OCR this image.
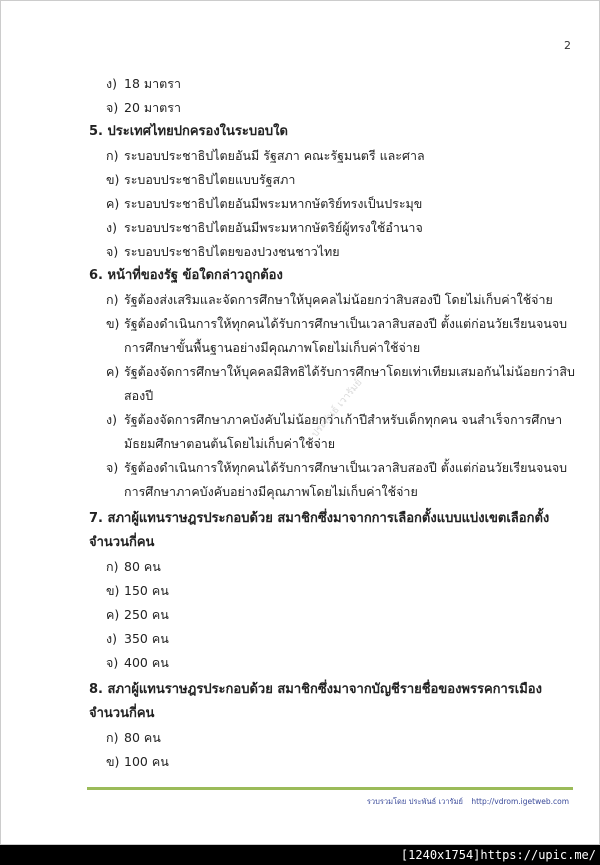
2
ง) 18 มาตรา
จ) 20 มาตรา
5. ประเทศไทยปกครองในระบอบใด
ก) ระบอบประชาธิปไตยอันมี รัฐสภา คณะรัฐมนตรี และศาล
ข) ระบอบประชาธิปไตยแบบรัฐสภา
ค) ระบอบประชาธิปไตยอันมีพระมหากษัตริย์ทรงเป็นประมุข
ง) ระบอบประชาธิปไตยอันมีพระมหากษัตริย์ผู้ทรงใช้อำนาจ
จ) ระบอบประชาธิปไตยของปวงชนชาวไทย
6. หน้าที่ของรัฐ ข้อใดกล่าวถูกต้อง
ก) รัฐต้องส่งเสริมและจัดการศึกษาให้บุคคลไม่น้อยกว่าสิบสองปี โดยไม่เก็บค่าใช้จ่าย
ข) รัฐต้องดำเนินการให้ทุกคนได้รับการศึกษาเป็นเวลาสิบสองปี ตั้งแต่ก่อนวัยเรียนจนจบการศึกษาขั้นพื้นฐานอย่างมีคุณภาพโดยไม่เก็บค่าใช้จ่าย
ค) รัฐต้องจัดการศึกษาให้บุคคลมีสิทธิได้รับการศึกษาโดยเท่าเทียมเสมอกันไม่น้อยกว่าสิบสองปี
ง) รัฐต้องจัดการศึกษาภาคบังคับไม่น้อยกว่าเก้าปีสำหรับเด็กทุกคน จนสำเร็จการศึกษามัธยมศึกษาตอนต้นโดยไม่เก็บค่าใช้จ่าย
จ) รัฐต้องดำเนินการให้ทุกคนได้รับการศึกษาเป็นเวลาสิบสองปี ตั้งแต่ก่อนวัยเรียนจนจบการศึกษาภาคบังคับอย่างมีคุณภาพโดยไม่เก็บค่าใช้จ่าย
7. สภาผู้แทนราษฎรประกอบด้วย สมาชิกซึ่งมาจากการเลือกตั้งแบบแบ่งเขตเลือกตั้งจำนวนกี่คน
ก) 80 คน
ข) 150 คน
ค) 250 คน
ง) 350 คน
จ) 400 คน
8. สภาผู้แทนราษฎรประกอบด้วย สมาชิกซึ่งมาจากบัญชีรายชื่อของพรรคการเมืองจำนวนกี่คน
ก) 80 คน
ข) 100 คน
ประพันธ์ เวารัมย์
รวบรวมโดย ประพันธ์ เวารัมย์ http://vdrom.igetweb.com
[1240x1754]https://upic.me/
